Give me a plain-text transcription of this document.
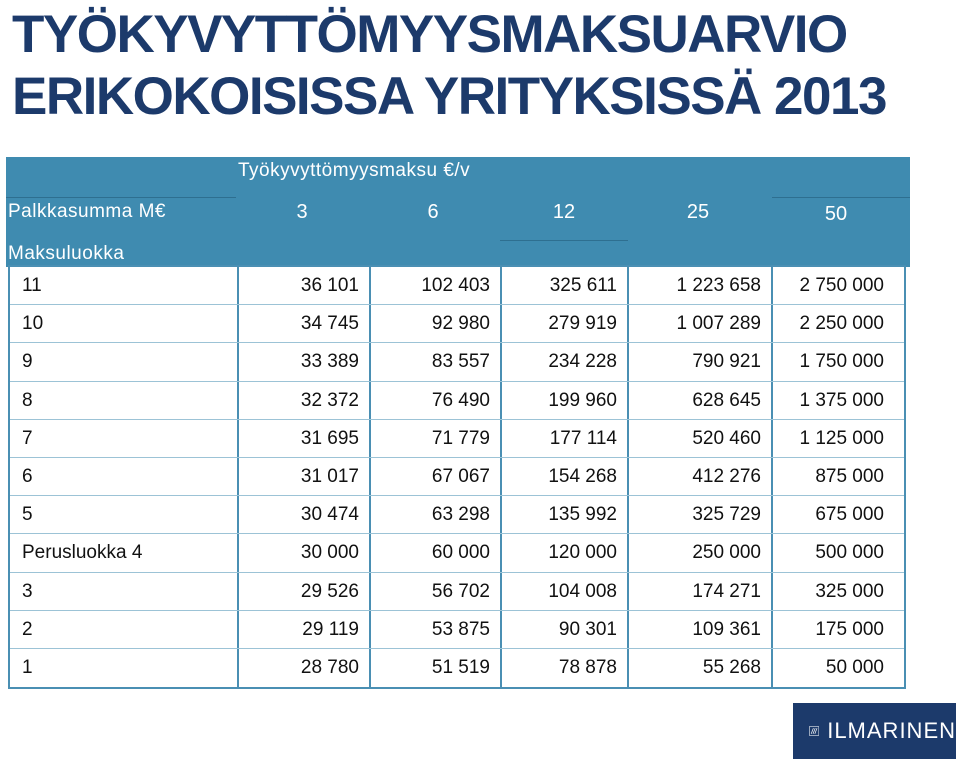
TYÖKYVYTTÖMYYSMAKSUARVIO
ERIKOKOISISSA YRITYKSISSÄ 2013
Työkyvyttömyysmaksu €/v
Palkkasumma M€	3	6	12	25	50
Maksuluokka
11	36 101	102 403	325 611	1 223 658	2 750 000
10	34 745	92 980	279 919	1 007 289	2 250 000
9	33 389	83 557	234 228	790 921	1 750 000
8	32 372	76 490	199 960	628 645	1 375 000
7	31 695	71 779	177 114	520 460	1 125 000
6	31 017	67 067	154 268	412 276	875 000
5	30 474	63 298	135 992	325 729	675 000
Perusluokka 4	30 000	60 000	120 000	250 000	500 000
3	29 526	56 702	104 008	174 271	325 000
2	29 119	53 875	90 301	109 361	175 000
1	28 780	51 519	78 878	55 268	50 000
ILMARINEN
